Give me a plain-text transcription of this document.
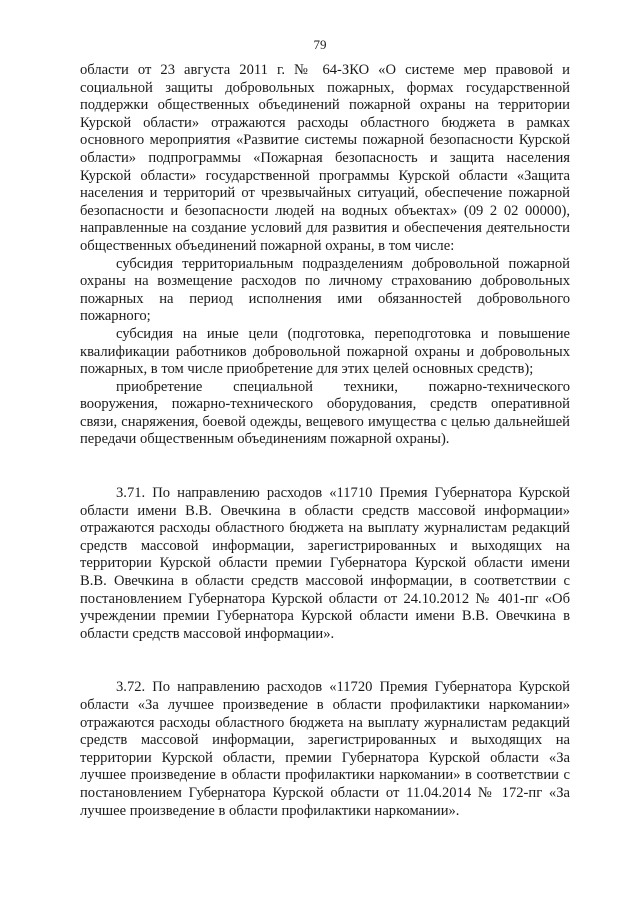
79

области от 23 августа 2011 г. № 64-ЗКО «О системе мер правовой и социальной защиты добровольных пожарных, формах государственной поддержки общественных объединений пожарной охраны на территории Курской области» отражаются расходы областного бюджета в рамках основного мероприятия «Развитие системы пожарной безопасности Курской области» подпрограммы «Пожарная безопасность и защита населения Курской области» государственной программы Курской области «Защита населения и территорий от чрезвычайных ситуаций, обеспечение пожарной безопасности и безопасности людей на водных объектах» (09 2 02 00000), направленные на создание условий для развития и обеспечения деятельности общественных объединений пожарной охраны, в том числе:

субсидия территориальным подразделениям добровольной пожарной охраны на возмещение расходов по личному страхованию добровольных пожарных на период исполнения ими обязанностей добровольного пожарного;

субсидия на иные цели (подготовка, переподготовка и повышение квалификации работников добровольной пожарной охраны и добровольных пожарных, в том числе приобретение для этих целей основных средств);

приобретение специальной техники, пожарно-технического вооружения, пожарно-технического оборудования, средств оперативной связи, снаряжения, боевой одежды, вещевого имущества с целью дальнейшей передачи общественным объединениям пожарной охраны).

3.71. По направлению расходов «11710 Премия Губернатора Курской области имени В.В. Овечкина в области средств массовой информации» отражаются расходы областного бюджета на выплату журналистам редакций средств массовой информации, зарегистрированных и выходящих на территории Курской области премии Губернатора Курской области имени В.В. Овечкина в области средств массовой информации, в соответствии с постановлением Губернатора Курской области от 24.10.2012 № 401-пг «Об учреждении премии Губернатора Курской области имени В.В. Овечкина в области средств массовой информации».

3.72. По направлению расходов «11720 Премия Губернатора Курской области «За лучшее произведение в области профилактики наркомании» отражаются расходы областного бюджета на выплату журналистам редакций средств массовой информации, зарегистрированных и выходящих на территории Курской области, премии Губернатора Курской области «За лучшее произведение в области профилактики наркомании» в соответствии с постановлением Губернатора Курской области от 11.04.2014 № 172-пг «За лучшее произведение в области профилактики наркомании».
